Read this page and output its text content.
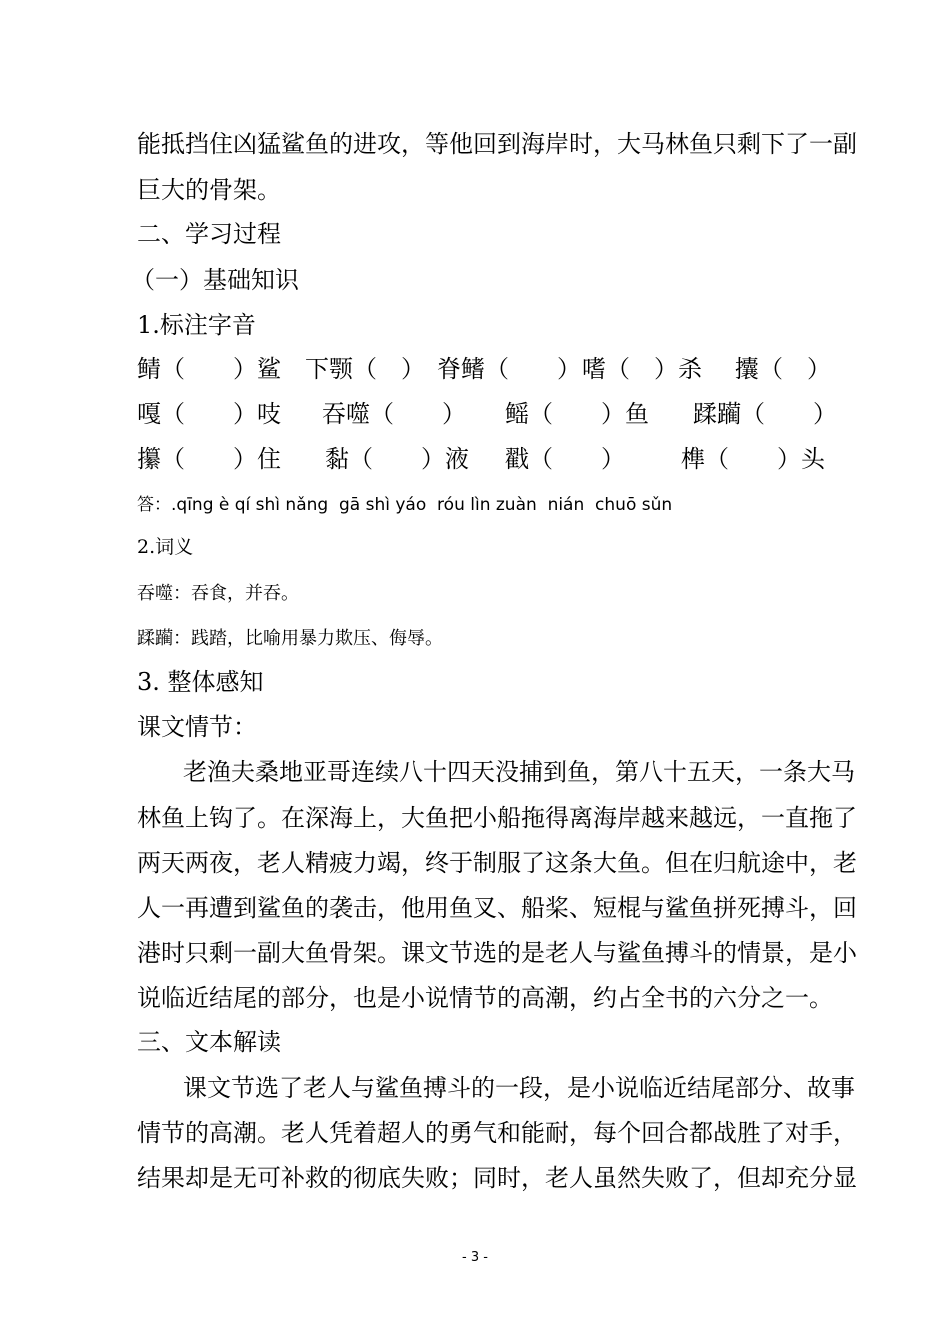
能抵挡住凶猛鲨鱼的进攻，等他回到海岸时，大马林鱼只剩下了一副
巨大的骨架。
二、学习过程
（一）基础知识
1.标注字音
鲭（　　）鲨 下颚（　） 脊鳍（　　） 嗜（　）杀 攮（　）
嘎（　　）吱 吞噬（　　） 鳐（　　）鱼 蹂躏（　　）
攥（　　）住 黏（　　）液 戳（　　） 榫（　　）头
答：.qīng è qí shì nǎng  gā shì yáo  róu lìn zuàn  nián  chuō sǔn
2.词义
吞噬：吞食，并吞。
蹂躏：践踏，比喻用暴力欺压、侮辱。
3. 整体感知
课文情节：
老渔夫桑地亚哥连续八十四天没捕到鱼，第八十五天，一条大马
林鱼上钩了。在深海上，大鱼把小船拖得离海岸越来越远，一直拖了
两天两夜，老人精疲力竭，终于制服了这条大鱼。但在归航途中，老
人一再遭到鲨鱼的袭击，他用鱼叉、船桨、短棍与鲨鱼拼死搏斗，回
港时只剩一副大鱼骨架。课文节选的是老人与鲨鱼搏斗的情景，是小
说临近结尾的部分，也是小说情节的高潮，约占全书的六分之一。
三、文本解读
课文节选了老人与鲨鱼搏斗的一段，是小说临近结尾部分、故事
情节的高潮。老人凭着超人的勇气和能耐，每个回合都战胜了对手，
结果却是无可补救的彻底失败；同时，老人虽然失败了，但却充分显
- 3 -
